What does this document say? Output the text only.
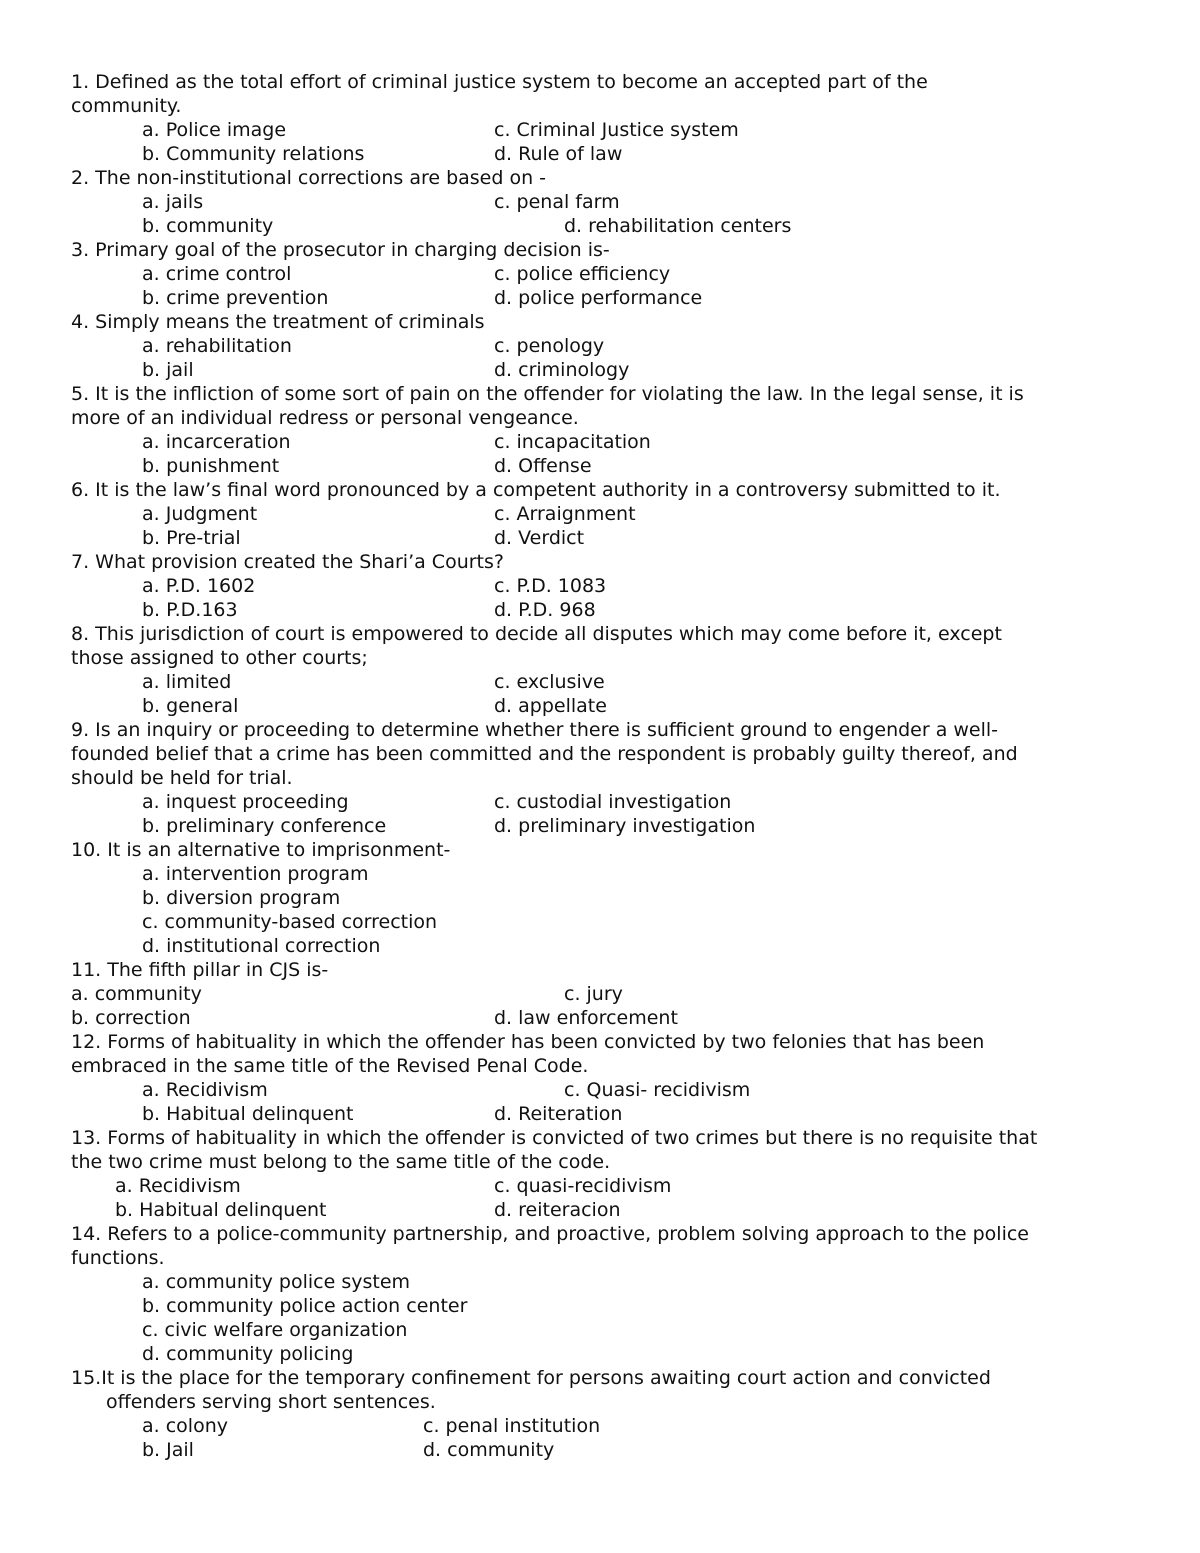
1. Defined as the total effort of criminal justice system to become an accepted part of the
community.
a. Police image	c. Criminal Justice system
b. Community relations	d. Rule of law
2. The non-institutional corrections are based on -
a. jails	c. penal farm
b. community	d. rehabilitation centers
3. Primary goal of the prosecutor in charging decision is-
a. crime control	c. police efficiency
b. crime prevention	d. police performance
4. Simply means the treatment of criminals
a. rehabilitation	c. penology
b. jail	d. criminology
5. It is the infliction of some sort of pain on the offender for violating the law. In the legal sense, it is
more of an individual redress or personal vengeance.
a. incarceration	c. incapacitation
b. punishment	d. Offense
6. It is the law’s final word pronounced by a competent authority in a controversy submitted to it.
a. Judgment	c. Arraignment
b. Pre-trial	d. Verdict
7. What provision created the Shari’a Courts?
a. P.D. 1602	c. P.D. 1083
b. P.D.163	d. P.D. 968
8. This jurisdiction of court is empowered to decide all disputes which may come before it, except
those assigned to other courts;
a. limited	c. exclusive
b. general	d. appellate
9. Is an inquiry or proceeding to determine whether there is sufficient ground to engender a well-
founded belief that a crime has been committed and the respondent is probably guilty thereof, and
should be held for trial.
a. inquest proceeding	c. custodial investigation
b. preliminary conference	d. preliminary investigation
10. It is an alternative to imprisonment-
a. intervention program
b. diversion program
c. community-based correction
d. institutional correction
11. The fifth pillar in CJS is-
a. community	c. jury
b. correction	d. law enforcement
12. Forms of habituality in which the offender has been convicted by two felonies that has been
embraced in the same title of the Revised Penal Code.
a. Recidivism	c. Quasi- recidivism
b. Habitual delinquent	d. Reiteration
13. Forms of habituality in which the offender is convicted of two crimes but there is no requisite that
the two crime must belong to the same title of the code.
a. Recidivism	c. quasi-recidivism
b. Habitual delinquent	d. reiteracion
14. Refers to a police-community partnership, and proactive, problem solving approach to the police
functions.
a. community police system
b. community police action center
c. civic welfare organization
d. community policing
15.It is the place for the temporary confinement for persons awaiting court action and convicted
offenders serving short sentences.
a. colony	c. penal institution
b. Jail	d. community
